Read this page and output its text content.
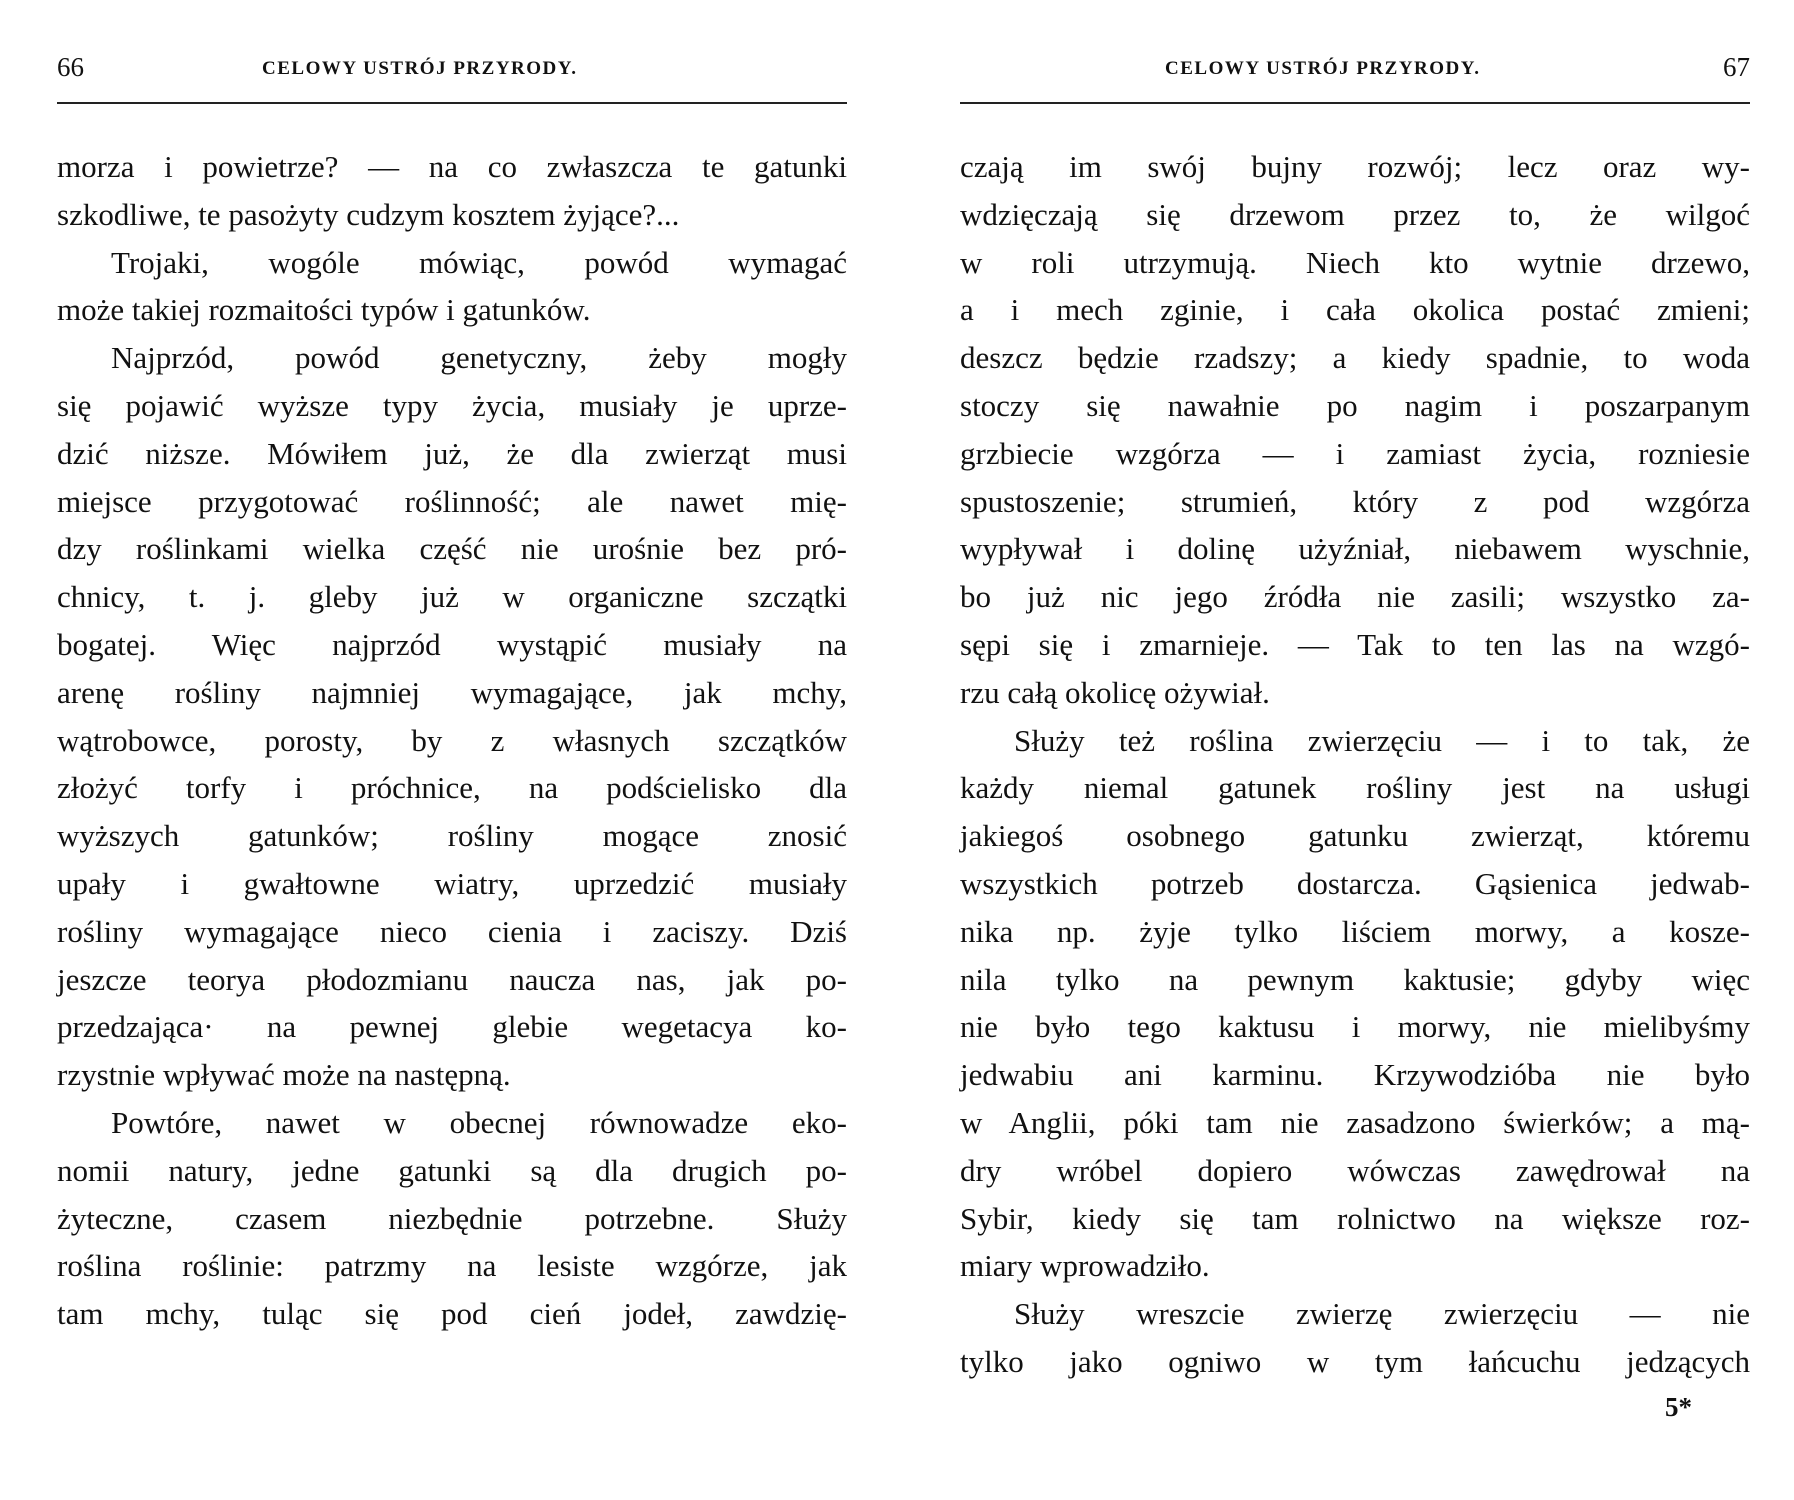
66	CELOWY USTRÓJ PRZYRODY.
morza i powietrze? — na co zwłaszcza te gatunki
szkodliwe, te pasożyty cudzym kosztem żyjące?...
Trojaki, wogóle mówiąc, powód wymagać
może takiej rozmaitości typów i gatunków.
Najprzód, powód genetyczny, żeby mogły
się pojawić wyższe typy życia, musiały je uprze-
dzić niższe. Mówiłem już, że dla zwierząt musi
miejsce przygotować roślinność; ale nawet mię-
dzy roślinkami wielka część nie urośnie bez pró-
chnicy, t. j. gleby już w organiczne szczątki
bogatej. Więc najprzód wystąpić musiały na
arenę rośliny najmniej wymagające, jak mchy,
wątrobowce, porosty, by z własnych szczątków
złożyć torfy i próchnice, na podścielisko dla
wyższych gatunków; rośliny mogące znosić
upały i gwałtowne wiatry, uprzedzić musiały
rośliny wymagające nieco cienia i zaciszy. Dziś
jeszcze teorya płodozmianu naucza nas, jak po-
przedzająca· na pewnej glebie wegetacya ko-
rzystnie wpływać może na następną.
Powtóre, nawet w obecnej równowadze eko-
nomii natury, jedne gatunki są dla drugich po-
żyteczne, czasem niezbędnie potrzebne. Służy
roślina roślinie: patrzmy na lesiste wzgórze, jak
tam mchy, tuląc się pod cień jodeł, zawdzię-
CELOWY USTRÓJ PRZYRODY.	67
czają im swój bujny rozwój; lecz oraz wy-
wdzięczają się drzewom przez to, że wilgoć
w roli utrzymują. Niech kto wytnie drzewo,
a i mech zginie, i cała okolica postać zmieni;
deszcz będzie rzadszy; a kiedy spadnie, to woda
stoczy się nawałnie po nagim i poszarpanym
grzbiecie wzgórza — i zamiast życia, rozniesie
spustoszenie; strumień, który z pod wzgórza
wypływał i dolinę użyźniał, niebawem wyschnie,
bo już nic jego źródła nie zasili; wszystko za-
sępi się i zmarnieje. — Tak to ten las na wzgó-
rzu całą okolicę ożywiał.
Służy też roślina zwierzęciu — i to tak, że
każdy niemal gatunek rośliny jest na usługi
jakiegoś osobnego gatunku zwierząt, któremu
wszystkich potrzeb dostarcza. Gąsienica jedwab-
nika np. żyje tylko liściem morwy, a kosze-
nila tylko na pewnym kaktusie; gdyby więc
nie było tego kaktusu i morwy, nie mielibyśmy
jedwabiu ani karminu. Krzywodzióba nie było
w Anglii, póki tam nie zasadzono świerków; a mą-
dry wróbel dopiero wówczas zawędrował na
Sybir, kiedy się tam rolnictwo na większe roz-
miary wprowadziło.
Służy wreszcie zwierzę zwierzęciu — nie
tylko jako ogniwo w tym łańcuchu jedzących
5*
